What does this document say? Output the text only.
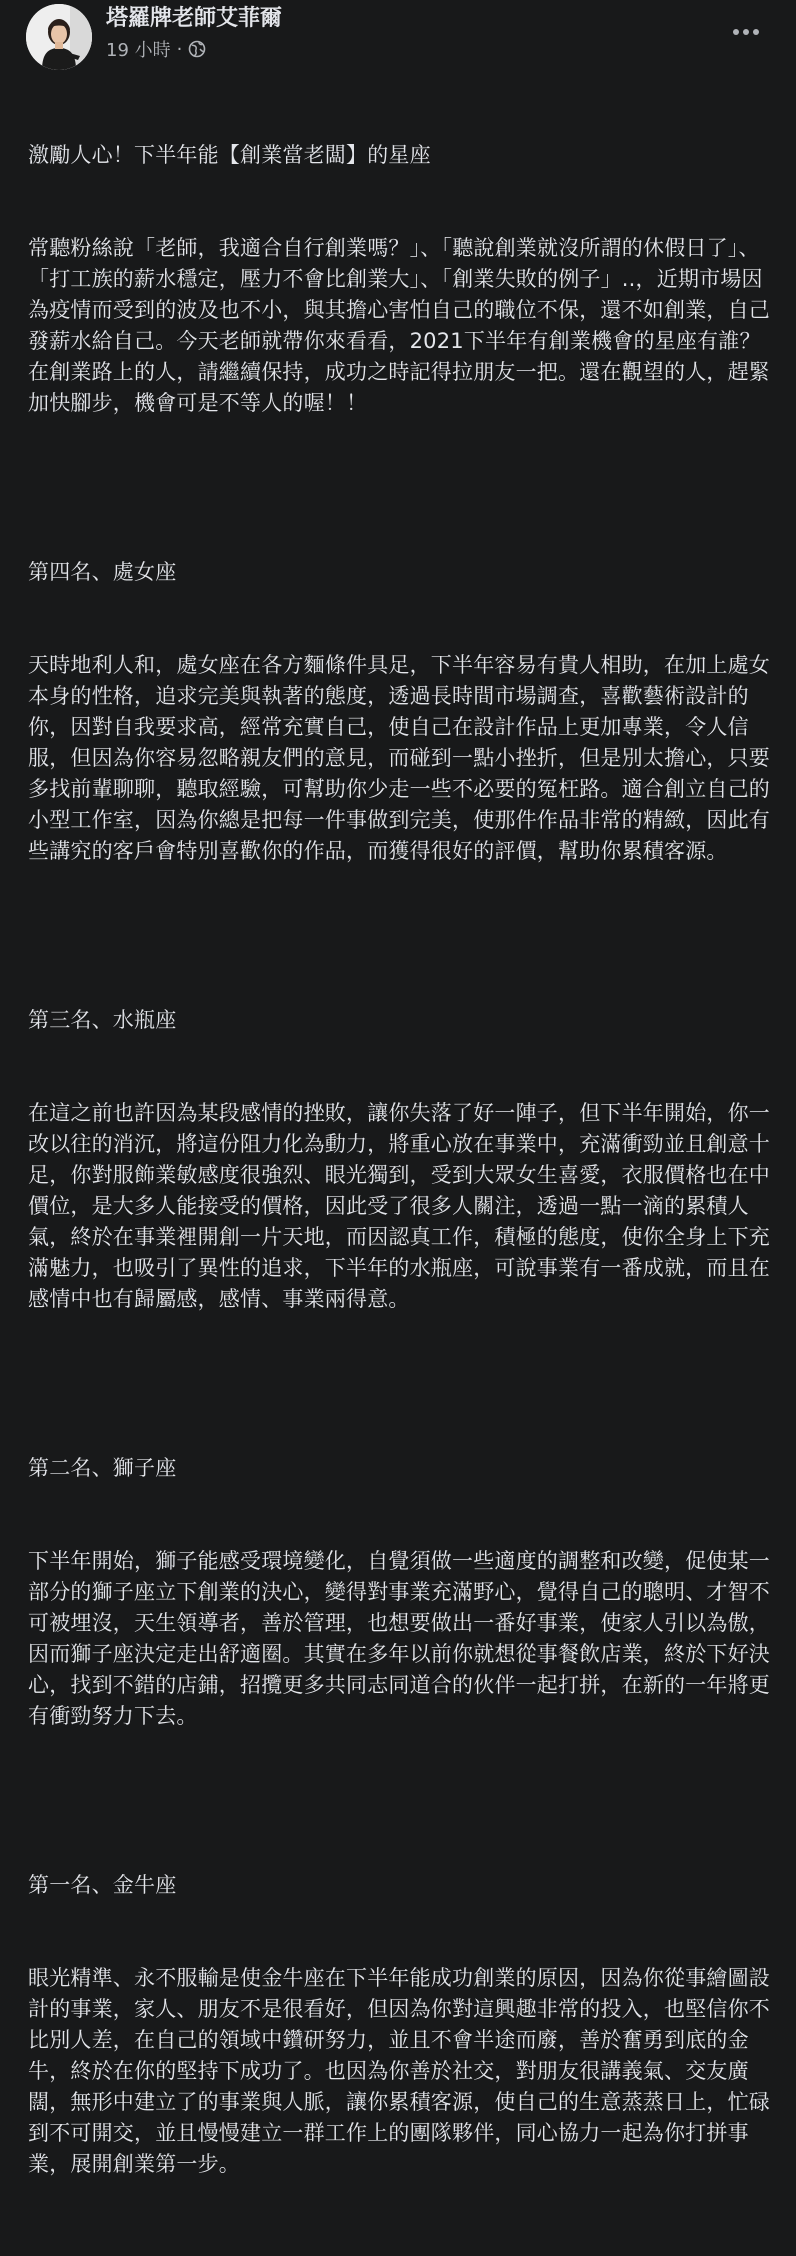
塔羅牌老師艾菲爾
19 小時 ·

激勵人心！下半年能【創業當老闆】的星座

常聽粉絲說「老師，我適合自行創業嗎？」、「聽說創業就沒所謂的休假日了」、「打工族的薪水穩定，壓力不會比創業大」、「創業失敗的例子」..，近期市場因為疫情而受到的波及也不小，與其擔心害怕自己的職位不保，還不如創業，自己發薪水給自己。今天老師就帶你來看看，2021下半年有創業機會的星座有誰？在創業路上的人，請繼續保持，成功之時記得拉朋友一把。還在觀望的人，趕緊加快腳步，機會可是不等人的喔！！

第四名、處女座

天時地利人和，處女座在各方麵條件具足，下半年容易有貴人相助，在加上處女本身的性格，追求完美與執著的態度，透過長時間市場調查，喜歡藝術設計的你，因對自我要求高，經常充實自己，使自己在設計作品上更加專業，令人信服，但因為你容易忽略親友們的意見，而碰到一點小挫折，但是別太擔心，只要多找前輩聊聊，聽取經驗，可幫助你少走一些不必要的冤枉路。適合創立自己的小型工作室，因為你總是把每一件事做到完美，使那件作品非常的精緻，因此有些講究的客戶會特別喜歡你的作品，而獲得很好的評價，幫助你累積客源。

第三名、水瓶座

在這之前也許因為某段感情的挫敗，讓你失落了好一陣子，但下半年開始，你一改以往的消沉，將這份阻力化為動力，將重心放在事業中，充滿衝勁並且創意十足，你對服飾業敏感度很強烈、眼光獨到，受到大眾女生喜愛，衣服價格也在中價位，是大多人能接受的價格，因此受了很多人關注，透過一點一滴的累積人氣，終於在事業裡開創一片天地，而因認真工作，積極的態度，使你全身上下充滿魅力，也吸引了異性的追求，下半年的水瓶座，可說事業有一番成就，而且在感情中也有歸屬感，感情、事業兩得意。

第二名、獅子座

下半年開始，獅子能感受環境變化，自覺須做一些適度的調整和改變，促使某一部分的獅子座立下創業的決心，變得對事業充滿野心，覺得自己的聰明、才智不可被埋沒，天生領導者，善於管理，也想要做出一番好事業，使家人引以為傲，因而獅子座決定走出舒適圈。其實在多年以前你就想從事餐飲店業，終於下好決心，找到不錯的店鋪，招攬更多共同志同道合的伙伴一起打拼，在新的一年將更有衝勁努力下去。

第一名、金牛座

眼光精準、永不服輸是使金牛座在下半年能成功創業的原因，因為你從事繪圖設計的事業，家人、朋友不是很看好，但因為你對這興趣非常的投入，也堅信你不比別人差，在自己的領域中鑽研努力，並且不會半途而廢，善於奮勇到底的金牛，終於在你的堅持下成功了。也因為你善於社交，對朋友很講義氣、交友廣闊，無形中建立了的事業與人脈，讓你累積客源，使自己的生意蒸蒸日上，忙碌到不可開交，並且慢慢建立一群工作上的團隊夥伴，同心協力一起為你打拼事業，展開創業第一步。
